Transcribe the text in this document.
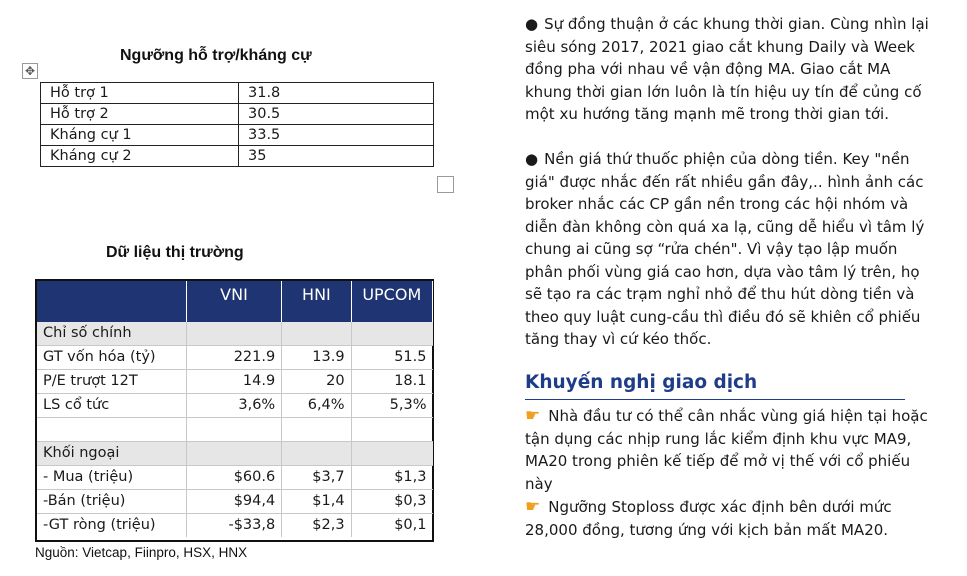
Ngưỡng hỗ trợ/kháng cự
✥
Hỗ trợ 1	31.8
Hỗ trợ 2	30.5
Kháng cự 1	33.5
Kháng cự 2	35
Dữ liệu thị trường
	VNI	HNI	UPCOM
Chỉ số chính			
GT vốn hóa (tỷ)	221.9	13.9	51.5
P/E trượt 12T	14.9	20	18.1
LS cổ tức	3,6%	6,4%	5,3%

Khối ngoại			
- Mua (triệu)	$60.6	$3,7	$1,3
-Bán (triệu)	$94,4	$1,4	$0,3
-GT ròng (triệu)	-$33,8	$2,3	$0,1
Nguồn: Vietcap, Fiinpro, HSX, HNX
● Sự đồng thuận ở các khung thời gian. Cùng nhìn lại siêu sóng 2017, 2021 giao cắt khung Daily và Week đồng pha với nhau về vận động MA. Giao cắt MA khung thời gian lớn luôn là tín hiệu uy tín để củng cố một xu hướng tăng mạnh mẽ trong thời gian tới.
● Nền giá thứ thuốc phiện của dòng tiền. Key "nền giá" được nhắc đến rất nhiều gần đây,.. hình ảnh các broker nhắc các CP gần nền trong các hội nhóm và diễn đàn không còn quá xa lạ, cũng dễ hiểu vì tâm lý chung ai cũng sợ “rửa chén". Vì vậy tạo lập muốn phân phối vùng giá cao hơn, dựa vào tâm lý trên, họ sẽ tạo ra các trạm nghỉ nhỏ để thu hút dòng tiền và theo quy luật cung-cầu thì điều đó sẽ khiên cổ phiếu tăng thay vì cứ kéo thốc.
Khuyến nghị giao dịch
☛ Nhà đầu tư có thể cân nhắc vùng giá hiện tại hoặc tận dụng các nhịp rung lắc kiểm định khu vực MA9, MA20 trong phiên kế tiếp để mở vị thế với cổ phiếu này
☛ Ngưỡng Stoploss được xác định bên dưới mức 28,000 đồng, tương ứng với kịch bản mất MA20.
